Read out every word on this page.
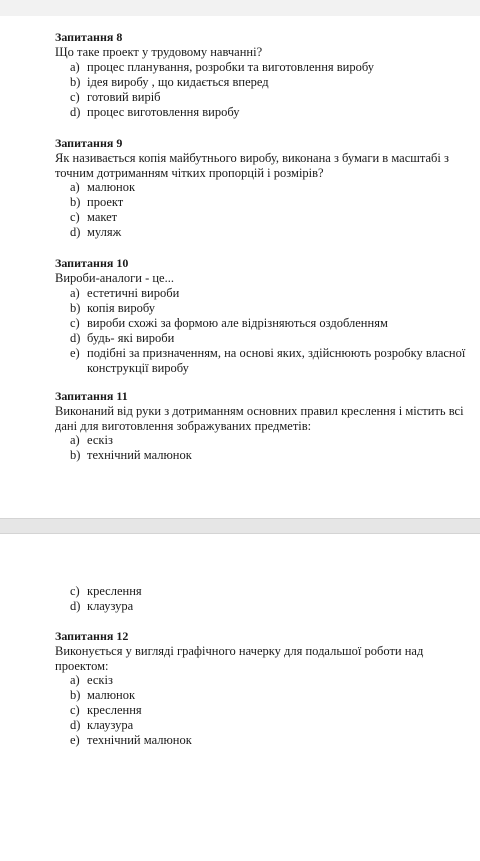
Запитання 8
Що таке проект у трудовому навчанні?
a) процес планування, розробки та виготовлення виробу
b) ідея виробу , що кидається вперед
c) готовий виріб
d) процес виготовлення виробу
Запитання 9
Як називається копія майбутнього виробу, виконана з бумаги в масштабі з
точним дотриманням чітких пропорцій і розмірів?
a) малюнок
b) проект
c) макет
d) муляж
Запитання 10
Вироби-аналоги - це...
a) естетичні вироби
b) копія виробу
c) вироби схожі за формою але відрізняються оздобленням
d) будь- які вироби
e) подібні за призначенням, на основі яких, здійснюють розробку власної
конструкції виробу
Запитання 11
Виконаний від руки з дотриманням основних правил креслення і містить всі
дані для виготовлення зображуваних предметів:
a) ескіз
b) технічний малюнок
c) креслення
d) клаузура
Запитання 12
Виконується у вигляді графічного начерку для подальшої роботи над
проектом:
a) ескіз
b) малюнок
c) креслення
d) клаузура
e) технічний малюнок
